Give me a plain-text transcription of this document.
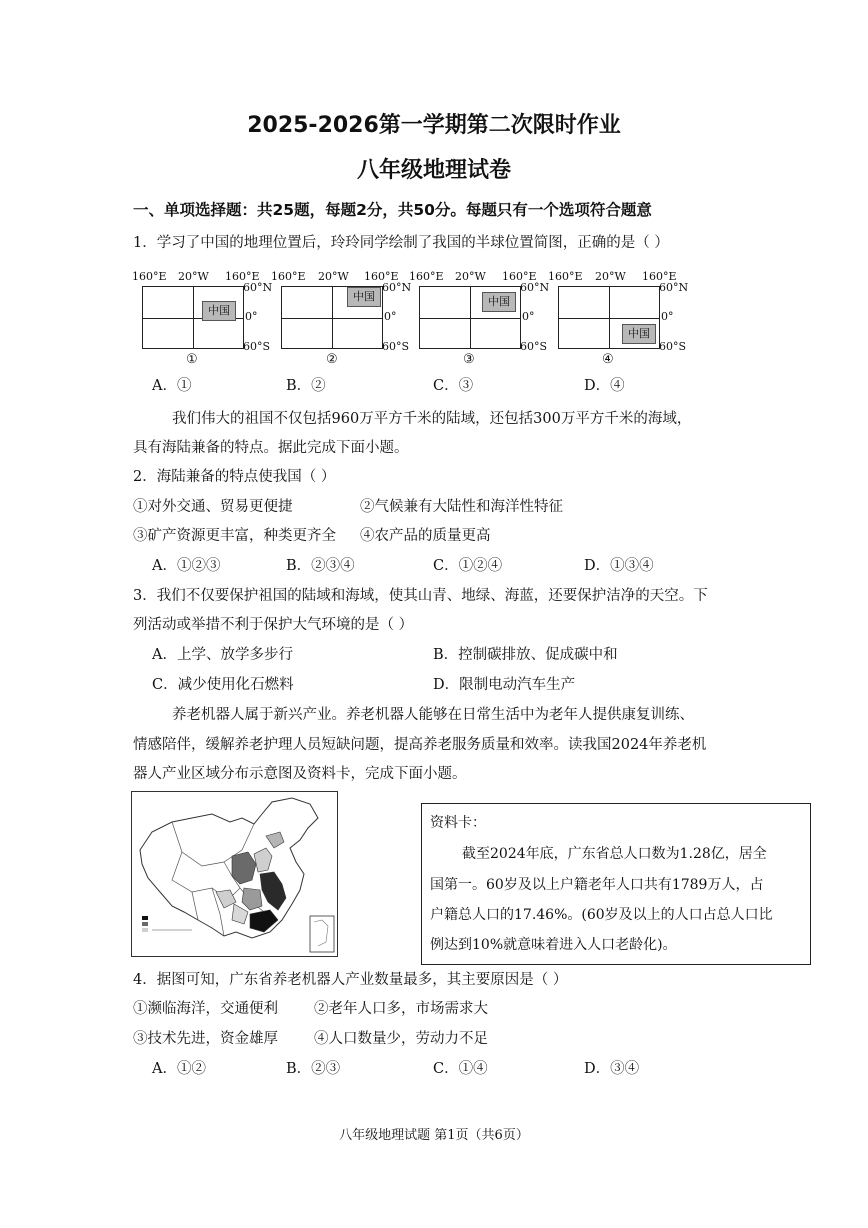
2025-2026第一学期第二次限时作业
八年级地理试卷
一、单项选择题：共25题，每题2分，共50分。每题只有一个选项符合题意
1．学习了中国的地理位置后，玲玲同学绘制了我国的半球位置简图，正确的是（ ）
160°E 20°W 160°E
中国
60°N
0°
60°S
①
160°E 20°W 160°E
中国
60°N
0°
60°S
②
160°E 20°W 160°E
中国
60°N
0°
60°S
③
160°E 20°W 160°E
中国
60°N
0°
60°S
④
A．①	B．②	C．③	D．④
我们伟大的祖国不仅包括960万平方千米的陆域，还包括300万平方千米的海域，
具有海陆兼备的特点。据此完成下面小题。
2．海陆兼备的特点使我国（ ）
①对外交通、贸易更便捷	②气候兼有大陆性和海洋性特征
③矿产资源更丰富，种类更齐全 ④农产品的质量更高
A．①②③	B．②③④	C．①②④	D．①③④
3．我们不仅要保护祖国的陆域和海域，使其山青、地绿、海蓝，还要保护洁净的天空。下
列活动或举措不利于保护大气环境的是（ ）
A．上学、放学多步行	B．控制碳排放、促成碳中和
C．减少使用化石燃料	D．限制电动汽车生产
养老机器人属于新兴产业。养老机器人能够在日常生活中为老年人提供康复训练、
情感陪伴，缓解养老护理人员短缺问题，提高养老服务质量和效率。读我国2024年养老机
器人产业区域分布示意图及资料卡，完成下面小题。
资料卡：
截至2024年底，广东省总人口数为1.28亿，居全
国第一。60岁及以上户籍老年人口共有1789万人，占
户籍总人口的17.46%。(60岁及以上的人口占总人口比
例达到10%就意味着进入人口老龄化)。
4．据图可知，广东省养老机器人产业数量最多，其主要原因是（ ）
①濒临海洋，交通便利 ②老年人口多，市场需求大
③技术先进，资金雄厚 ④人口数量少，劳动力不足
A．①②	B．②③	C．①④	D．③④
八年级地理试题 第1页（共6页）
